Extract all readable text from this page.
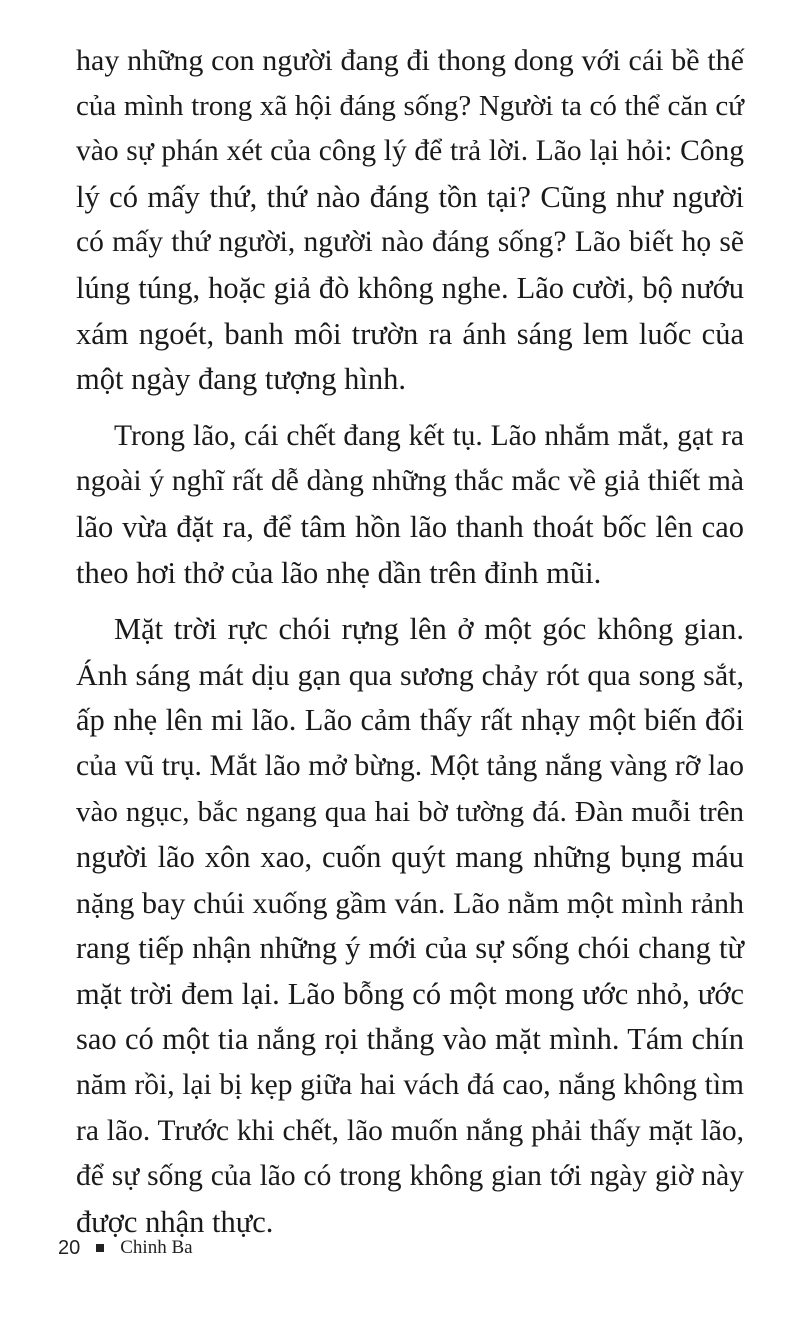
hay những con người đang đi thong dong với cái bề thế
của mình trong xã hội đáng sống? Người ta có thể căn cứ
vào sự phán xét của công lý để trả lời. Lão lại hỏi: Công
lý có mấy thứ, thứ nào đáng tồn tại? Cũng như người
có mấy thứ người, người nào đáng sống? Lão biết họ sẽ
lúng túng, hoặc giả đò không nghe. Lão cười, bộ nướu
xám ngoét, banh môi trườn ra ánh sáng lem luốc của
một ngày đang tượng hình.
Trong lão, cái chết đang kết tụ. Lão nhắm mắt, gạt ra
ngoài ý nghĩ rất dễ dàng những thắc mắc về giả thiết mà
lão vừa đặt ra, để tâm hồn lão thanh thoát bốc lên cao
theo hơi thở của lão nhẹ dần trên đỉnh mũi.
Mặt trời rực chói rựng lên ở một góc không gian.
Ánh sáng mát dịu gạn qua sương chảy rót qua song sắt,
ấp nhẹ lên mi lão. Lão cảm thấy rất nhạy một biến đổi
của vũ trụ. Mắt lão mở bừng. Một tảng nắng vàng rỡ lao
vào ngục, bắc ngang qua hai bờ tường đá. Đàn muỗi trên
người lão xôn xao, cuốn quýt mang những bụng máu
nặng bay chúi xuống gầm ván. Lão nằm một mình rảnh
rang tiếp nhận những ý mới của sự sống chói chang từ
mặt trời đem lại. Lão bỗng có một mong ước nhỏ, ước
sao có một tia nắng rọi thẳng vào mặt mình. Tám chín
năm rồi, lại bị kẹp giữa hai vách đá cao, nắng không tìm
ra lão. Trước khi chết, lão muốn nắng phải thấy mặt lão,
để sự sống của lão có trong không gian tới ngày giờ này
được nhận thực.
20 Chinh Ba
